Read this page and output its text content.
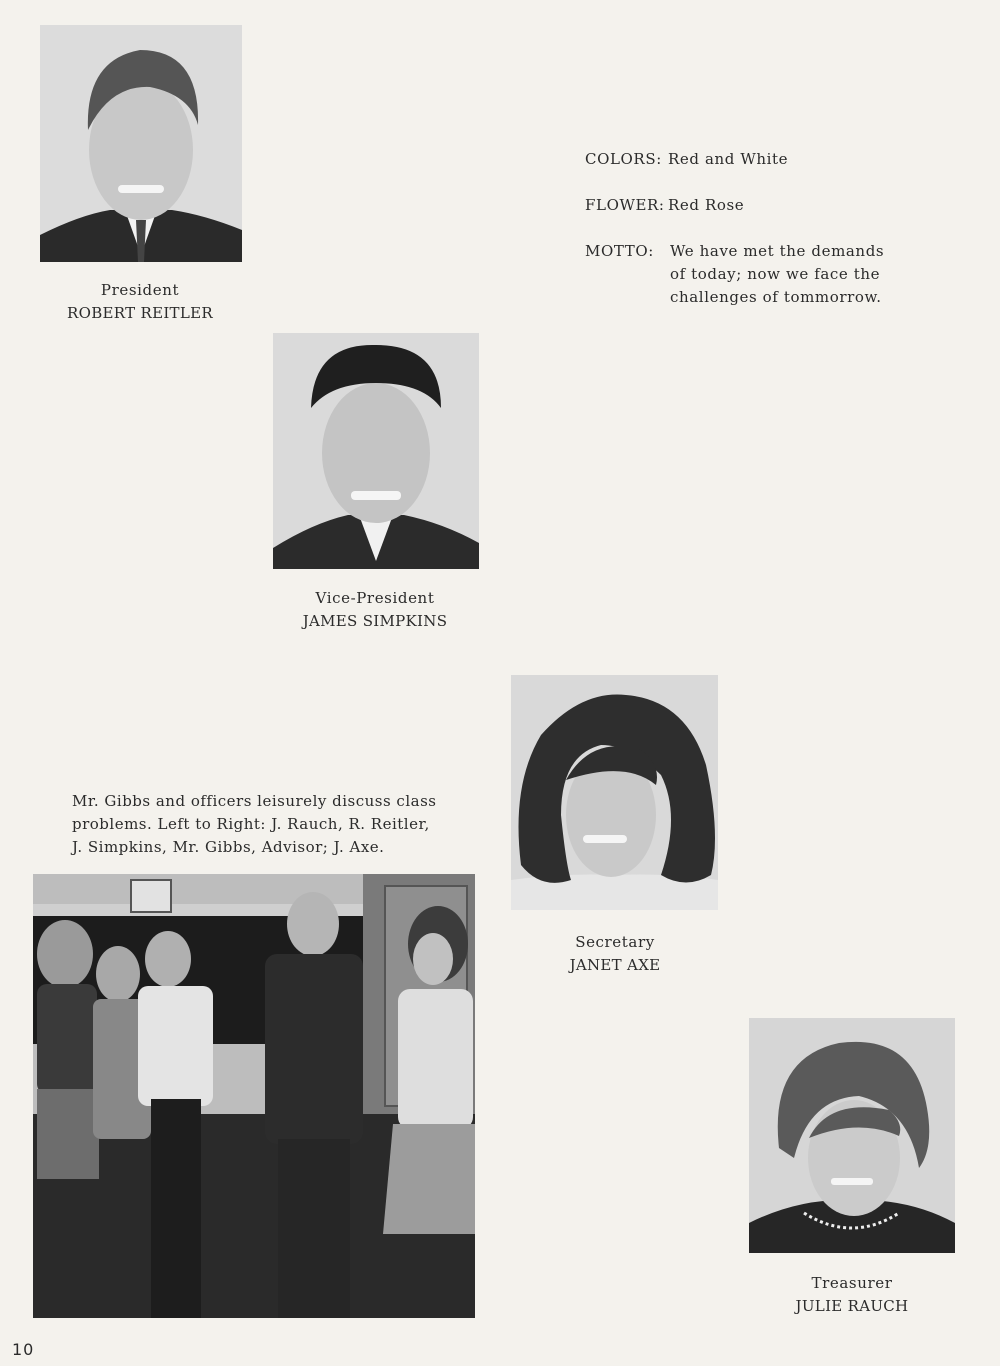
President
ROBERT REITLER
COLORS: Red and White
FLOWER: Red Rose
MOTTO: We have met the demands
of today; now we face the
challenges of tommorrow.
Vice-President
JAMES SIMPKINS
Secretary
JANET AXE
Mr. Gibbs and officers leisurely discuss class
problems. Left to Right: J. Rauch, R. Reitler,
J. Simpkins, Mr. Gibbs, Advisor; J. Axe.
Treasurer
JULIE RAUCH
10
